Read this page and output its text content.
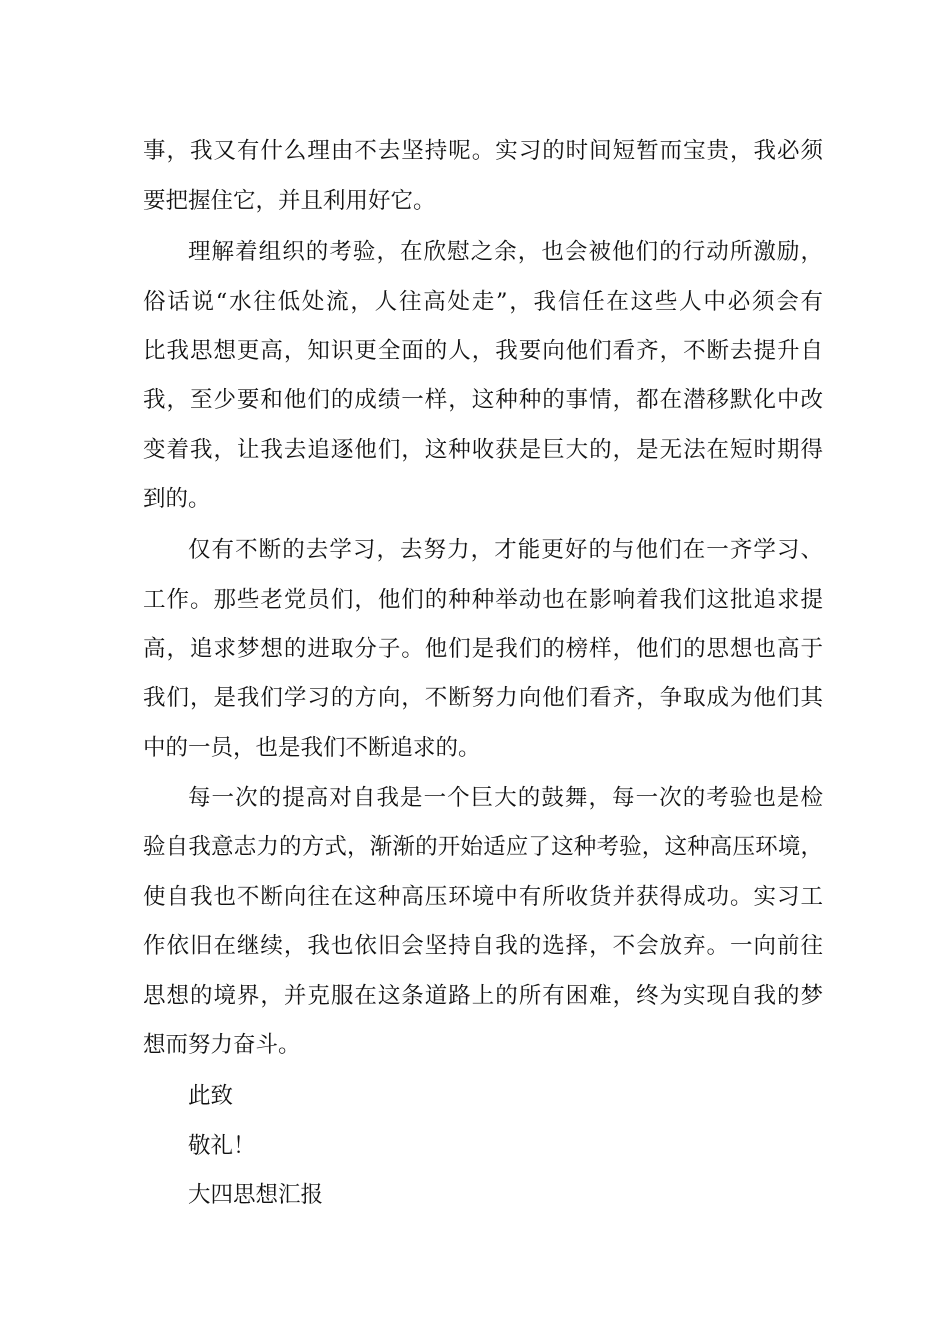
事，我又有什么理由不去坚持呢。实习的时间短暂而宝贵，我必须
要把握住它，并且利用好它。
理解着组织的考验，在欣慰之余，也会被他们的行动所激励，
俗话说“水往低处流，人往高处走”，我信任在这些人中必须会有
比我思想更高，知识更全面的人，我要向他们看齐，不断去提升自
我，至少要和他们的成绩一样，这种种的事情，都在潜移默化中改
变着我，让我去追逐他们，这种收获是巨大的，是无法在短时期得
到的。
仅有不断的去学习，去努力，才能更好的与他们在一齐学习、
工作。那些老党员们，他们的种种举动也在影响着我们这批追求提
高，追求梦想的进取分子。他们是我们的榜样，他们的思想也高于
我们，是我们学习的方向，不断努力向他们看齐，争取成为他们其
中的一员，也是我们不断追求的。
每一次的提高对自我是一个巨大的鼓舞，每一次的考验也是检
验自我意志力的方式，渐渐的开始适应了这种考验，这种高压环境，
使自我也不断向往在这种高压环境中有所收货并获得成功。实习工
作依旧在继续，我也依旧会坚持自我的选择，不会放弃。一向前往
思想的境界，并克服在这条道路上的所有困难，终为实现自我的梦
想而努力奋斗。
此致
敬礼！
大四思想汇报
